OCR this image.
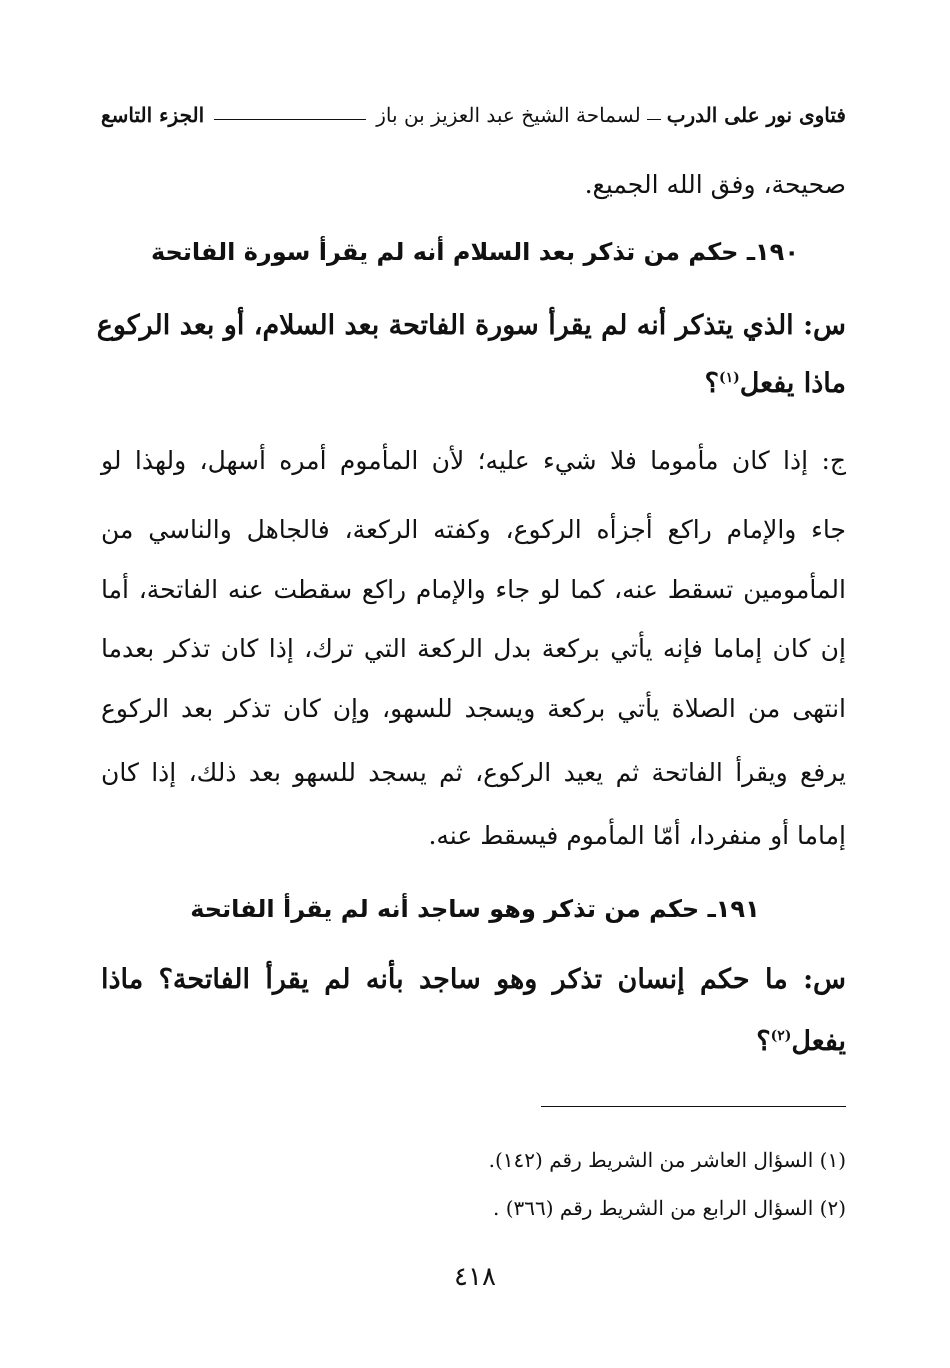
فتاوى نور على الدرب
لسماحة الشيخ عبد العزيز بن باز
الجزء التاسع
صحيحة، وفق الله الجميع.
١٩٠ـ حكم من تذكر بعد السلام أنه لم يقرأ سورة الفاتحة
س: الذي يتذكر أنه لم يقرأ سورة الفاتحة بعد السلام، أو بعد الركوع
ماذا يفعل$^{(١)}$؟
ج: إذا كان مأموما فلا شيء عليه؛ لأن المأموم أمره أسهل، ولهذا لو
جاء والإمام راكع أجزأه الركوع، وكفته الركعة، فالجاهل والناسي من
المأمومين تسقط عنه، كما لو جاء والإمام راكع سقطت عنه الفاتحة، أما
إن كان إماما فإنه يأتي بركعة بدل الركعة التي ترك، إذا كان تذكر بعدما
انتهى من الصلاة يأتي بركعة ويسجد للسهو، وإن كان تذكر بعد الركوع
يرفع ويقرأ الفاتحة ثم يعيد الركوع، ثم يسجد للسهو بعد ذلك، إذا كان
إماما أو منفردا، أمّا المأموم فيسقط عنه.
١٩١ـ حكم من تذكر وهو ساجد أنه لم يقرأ الفاتحة
س: ما حكم إنسان تذكر وهو ساجد بأنه لم يقرأ الفاتحة؟ ماذا
يفعل$^{(٢)}$؟
(١) السؤال العاشر من الشريط رقم (١٤٢).
(٢) السؤال الرابع من الشريط رقم (٣٦٦) .
٤١٨
